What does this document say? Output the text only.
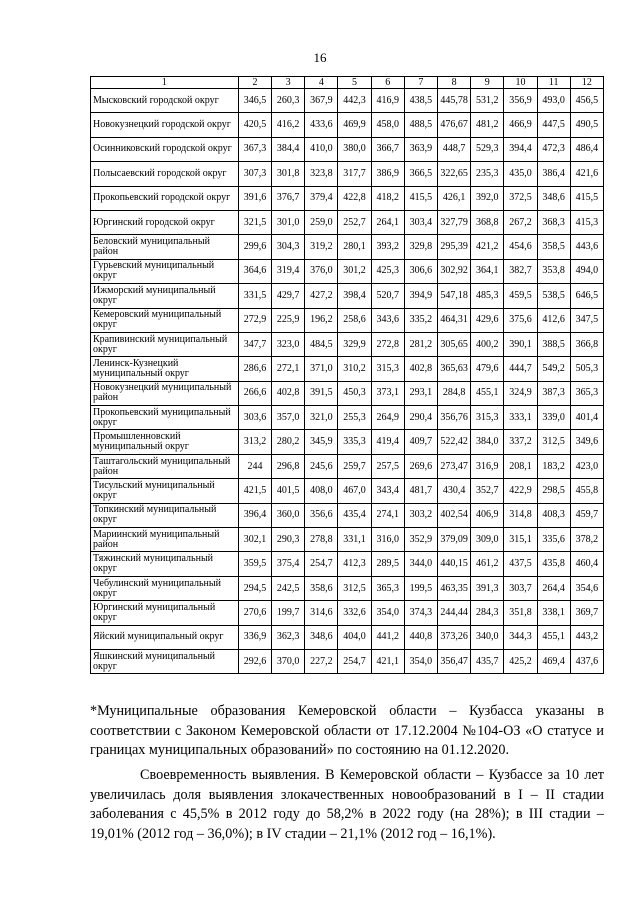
16
1	2	3	4	5	6	7	8	9	10	11	12
Мысковский городской округ	346,5	260,3	367,9	442,3	416,9	438,5	445,78	531,2	356,9	493,0	456,5
Новокузнецкий городской округ	420,5	416,2	433,6	469,9	458,0	488,5	476,67	481,2	466,9	447,5	490,5
Осинниковский городской округ	367,3	384,4	410,0	380,0	366,7	363,9	448,7	529,3	394,4	472,3	486,4
Полысаевский городской округ	307,3	301,8	323,8	317,7	386,9	366,5	322,65	235,3	435,0	386,4	421,6
Прокопьевский городской округ	391,6	376,7	379,4	422,8	418,2	415,5	426,1	392,0	372,5	348,6	415,5
Юргинский городской округ	321,5	301,0	259,0	252,7	264,1	303,4	327,79	368,8	267,2	368,3	415,3
Беловский муниципальный район	299,6	304,3	319,2	280,1	393,2	329,8	295,39	421,2	454,6	358,5	443,6
Гурьевский муниципальный округ	364,6	319,4	376,0	301,2	425,3	306,6	302,92	364,1	382,7	353,8	494,0
Ижморский муниципальный округ	331,5	429,7	427,2	398,4	520,7	394,9	547,18	485,3	459,5	538,5	646,5
Кемеровский муниципальный округ	272,9	225,9	196,2	258,6	343,6	335,2	464,31	429,6	375,6	412,6	347,5
Крапивинский муниципальный округ	347,7	323,0	484,5	329,9	272,8	281,2	305,65	400,2	390,1	388,5	366,8
Ленинск-Кузнецкий муниципальный округ	286,6	272,1	371,0	310,2	315,3	402,8	365,63	479,6	444,7	549,2	505,3
Новокузнецкий муниципальный район	266,6	402,8	391,5	450,3	373,1	293,1	284,8	455,1	324,9	387,3	365,3
Прокопьевский муниципальный округ	303,6	357,0	321,0	255,3	264,9	290,4	356,76	315,3	333,1	339,0	401,4
Промышленновский муниципальный округ	313,2	280,2	345,9	335,3	419,4	409,7	522,42	384,0	337,2	312,5	349,6
Таштагольский муниципальный район	244	296,8	245,6	259,7	257,5	269,6	273,47	316,9	208,1	183,2	423,0
Тисульский муниципальный округ	421,5	401,5	408,0	467,0	343,4	481,7	430,4	352,7	422,9	298,5	455,8
Топкинский муниципальный округ	396,4	360,0	356,6	435,4	274,1	303,2	402,54	406,9	314,8	408,3	459,7
Мариинский муниципальный район	302,1	290,3	278,8	331,1	316,0	352,9	379,09	309,0	315,1	335,6	378,2
Тяжинский муниципальный округ	359,5	375,4	254,7	412,3	289,5	344,0	440,15	461,2	437,5	435,8	460,4
Чебулинский муниципальный округ	294,5	242,5	358,6	312,5	365,3	199,5	463,35	391,3	303,7	264,4	354,6
Юргинский муниципальный округ	270,6	199,7	314,6	332,6	354,0	374,3	244,44	284,3	351,8	338,1	369,7
Яйский муниципальный округ	336,9	362,3	348,6	404,0	441,2	440,8	373,26	340,0	344,3	455,1	443,2
Яшкинский муниципальный округ	292,6	370,0	227,2	254,7	421,1	354,0	356,47	435,7	425,2	469,4	437,6
*Муниципальные образования Кемеровской области – Кузбасса указаны в соответствии с Законом Кемеровской области от 17.12.2004 №104-ОЗ «О статусе и границах муниципальных образований» по состоянию на 01.12.2020.
Своевременность выявления. В Кемеровской области – Кузбассе за 10 лет увеличилась доля выявления злокачественных новообразований в I – II стадии заболевания с 45,5% в 2012 году до 58,2% в 2022 году (на 28%); в III стадии – 19,01% (2012 год – 36,0%); в IV стадии – 21,1% (2012 год – 16,1%).
